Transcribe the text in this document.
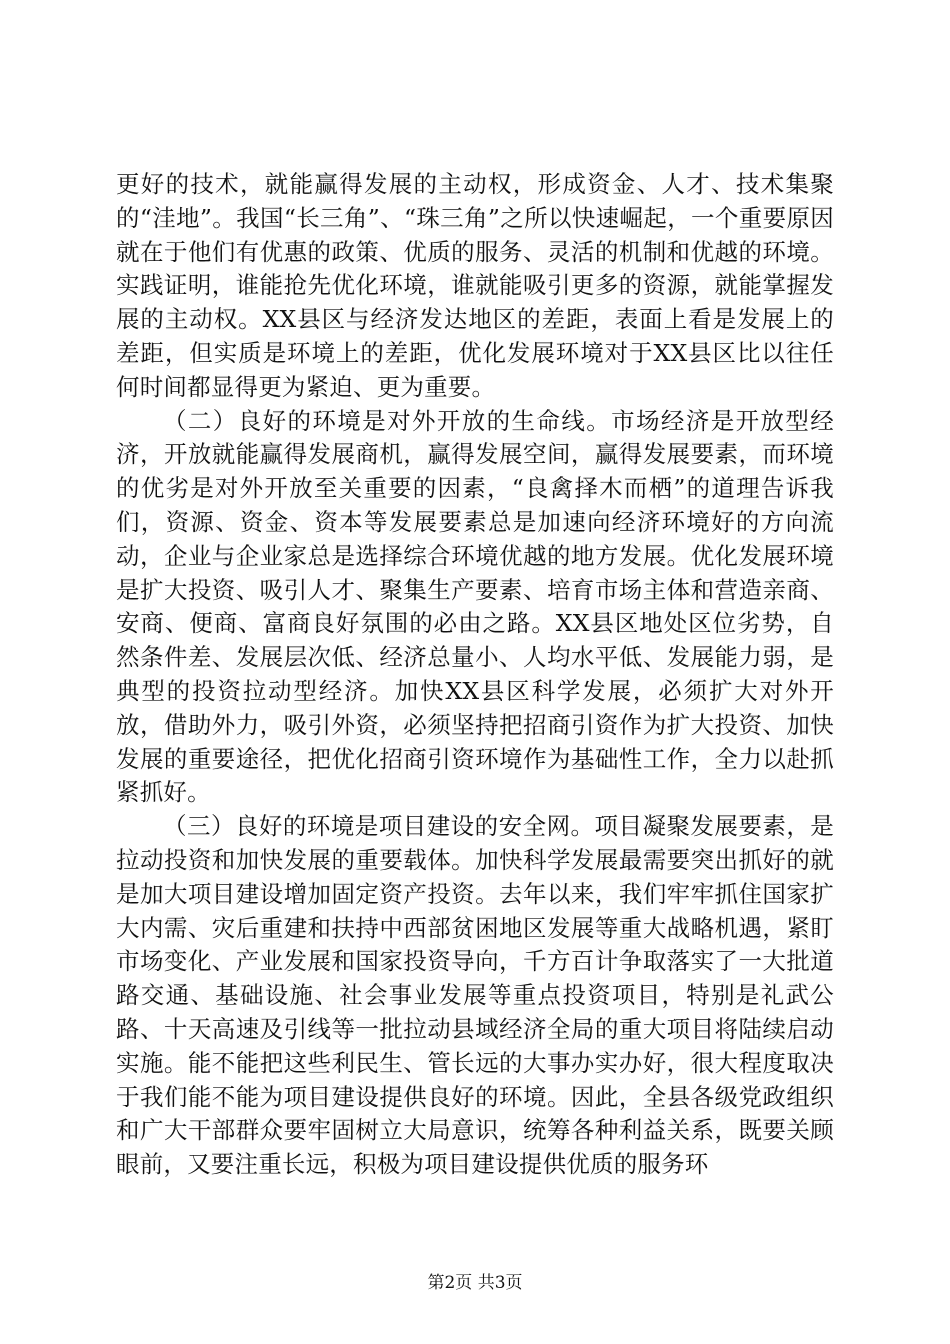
更好的技术，就能赢得发展的主动权，形成资金、人才、技术集聚的“洼地”。我国“长三角”、“珠三角”之所以快速崛起，一个重要原因就在于他们有优惠的政策、优质的服务、灵活的机制和优越的环境。实践证明，谁能抢先优化环境，谁就能吸引更多的资源，就能掌握发展的主动权。XX县区与经济发达地区的差距，表面上看是发展上的差距，但实质是环境上的差距，优化发展环境对于XX县区比以往任何时间都显得更为紧迫、更为重要。

（二）良好的环境是对外开放的生命线。市场经济是开放型经济，开放就能赢得发展商机，赢得发展空间，赢得发展要素，而环境的优劣是对外开放至关重要的因素，“良禽择木而栖”的道理告诉我们，资源、资金、资本等发展要素总是加速向经济环境好的方向流动，企业与企业家总是选择综合环境优越的地方发展。优化发展环境是扩大投资、吸引人才、聚集生产要素、培育市场主体和营造亲商、安商、便商、富商良好氛围的必由之路。XX县区地处区位劣势，自然条件差、发展层次低、经济总量小、人均水平低、发展能力弱，是典型的投资拉动型经济。加快XX县区科学发展，必须扩大对外开放，借助外力，吸引外资，必须坚持把招商引资作为扩大投资、加快发展的重要途径，把优化招商引资环境作为基础性工作，全力以赴抓紧抓好。

（三）良好的环境是项目建设的安全网。项目凝聚发展要素，是拉动投资和加快发展的重要载体。加快科学发展最需要突出抓好的就是加大项目建设增加固定资产投资。去年以来，我们牢牢抓住国家扩大内需、灾后重建和扶持中西部贫困地区发展等重大战略机遇，紧盯市场变化、产业发展和国家投资导向，千方百计争取落实了一大批道路交通、基础设施、社会事业发展等重点投资项目，特别是礼武公路、十天高速及引线等一批拉动县域经济全局的重大项目将陆续启动实施。能不能把这些利民生、管长远的大事办实办好，很大程度取决于我们能不能为项目建设提供良好的环境。因此，全县各级党政组织和广大干部群众要牢固树立大局意识，统筹各种利益关系，既要关顾眼前，又要注重长远，积极为项目建设提供优质的服务环

第2页 共3页
